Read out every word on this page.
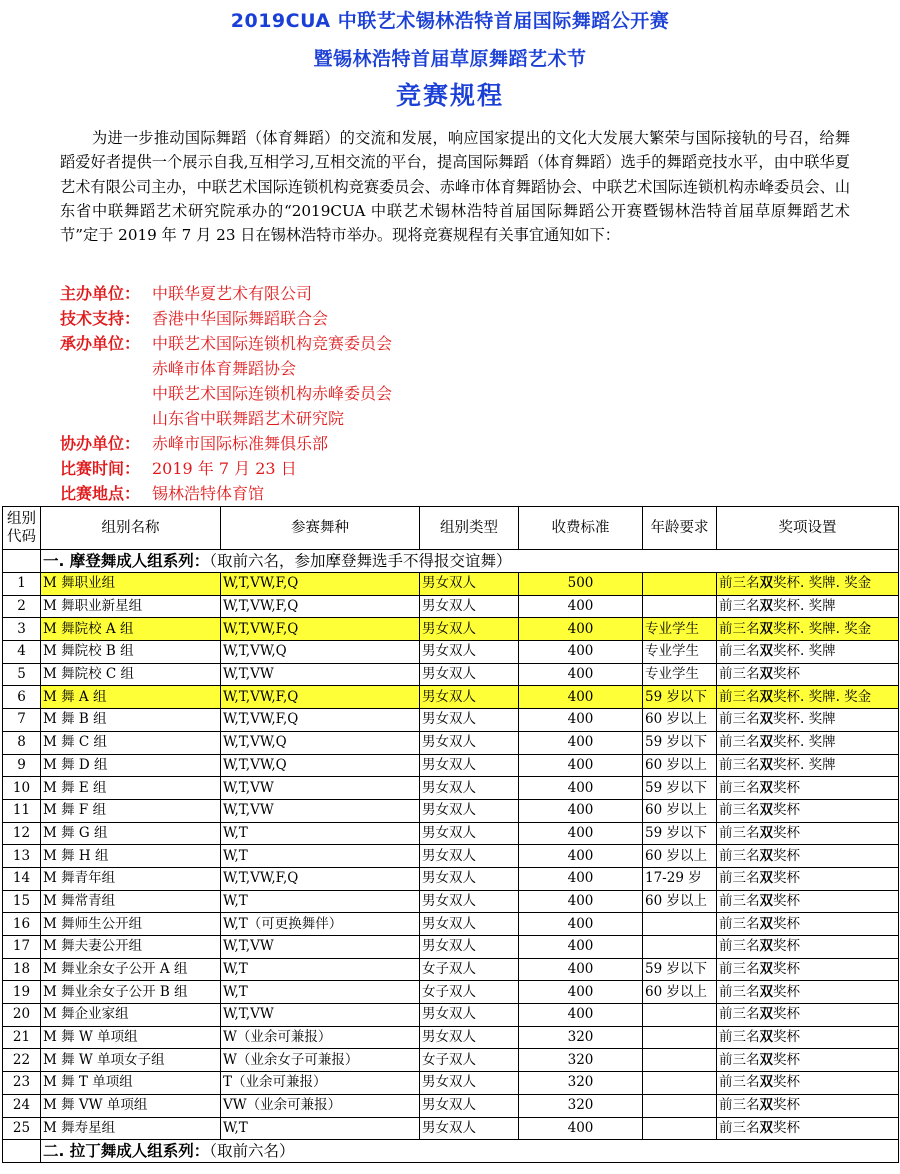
2019CUA 中联艺术锡林浩特首届国际舞蹈公开赛
暨锡林浩特首届草原舞蹈艺术节
竞赛规程

为进一步推动国际舞蹈（体育舞蹈）的交流和发展，响应国家提出的文化大发展大繁荣与国际接轨的号召，给舞蹈爱好者提供一个展示自我,互相学习,互相交流的平台，提高国际舞蹈（体育舞蹈）选手的舞蹈竞技水平，由中联华夏艺术有限公司主办，中联艺术国际连锁机构竞赛委员会、赤峰市体育舞蹈协会、中联艺术国际连锁机构赤峰委员会、山东省中联舞蹈艺术研究院承办的“2019CUA 中联艺术锡林浩特首届国际舞蹈公开赛暨锡林浩特首届草原舞蹈艺术节”定于 2019 年 7 月 23 日在锡林浩特市举办。现将竞赛规程有关事宜通知如下：

主办单位： 中联华夏艺术有限公司
技术支持： 香港中华国际舞蹈联合会
承办单位： 中联艺术国际连锁机构竞赛委员会
赤峰市体育舞蹈协会
中联艺术国际连锁机构赤峰委员会
山东省中联舞蹈艺术研究院
协办单位： 赤峰市国际标准舞俱乐部
比赛时间： 2019 年 7 月 23 日
比赛地点： 锡林浩特体育馆
组别代码	组别名称	参赛舞种	组别类型	收费标准	年龄要求	奖项设置
	一. 摩登舞成人组系列：（取前六名，参加摩登舞选手不得报交谊舞）					
1	M 舞职业组	W,T,VW,F,Q	男女双人	500		前三名双奖杯. 奖牌. 奖金
2	M 舞职业新星组	W,T,VW,F,Q	男女双人	400		前三名双奖杯. 奖牌
3	M 舞院校 A 组	W,T,VW,F,Q	男女双人	400	专业学生	前三名双奖杯. 奖牌. 奖金
4	M 舞院校 B 组	W,T,VW,Q	男女双人	400	专业学生	前三名双奖杯. 奖牌
5	M 舞院校 C 组	W,T,VW	男女双人	400	专业学生	前三名双奖杯
6	M 舞 A 组	W,T,VW,F,Q	男女双人	400	59 岁以下	前三名双奖杯. 奖牌. 奖金
7	M 舞 B 组	W,T,VW,F,Q	男女双人	400	60 岁以上	前三名双奖杯. 奖牌
8	M 舞 C 组	W,T,VW,Q	男女双人	400	59 岁以下	前三名双奖杯. 奖牌
9	M 舞 D 组	W,T,VW,Q	男女双人	400	60 岁以上	前三名双奖杯. 奖牌
10	M 舞 E 组	W,T,VW	男女双人	400	59 岁以下	前三名双奖杯
11	M 舞 F 组	W,T,VW	男女双人	400	60 岁以上	前三名双奖杯
12	M 舞 G 组	W,T	男女双人	400	59 岁以下	前三名双奖杯
13	M 舞 H 组	W,T	男女双人	400	60 岁以上	前三名双奖杯
14	M 舞青年组	W,T,VW,F,Q	男女双人	400	17-29 岁	前三名双奖杯
15	M 舞常青组	W,T	男女双人	400	60 岁以上	前三名双奖杯
16	M 舞师生公开组	W,T（可更换舞伴）	男女双人	400		前三名双奖杯
17	M 舞夫妻公开组	W,T,VW	男女双人	400		前三名双奖杯
18	M 舞业余女子公开 A 组	W,T	女子双人	400	59 岁以下	前三名双奖杯
19	M 舞业余女子公开 B 组	W,T	女子双人	400	60 岁以上	前三名双奖杯
20	M 舞企业家组	W,T,VW	男女双人	400		前三名双奖杯
21	M 舞 W 单项组	W（业余可兼报）	男女双人	320		前三名双奖杯
22	M 舞 W 单项女子组	W（业余女子可兼报）	女子双人	320		前三名双奖杯
23	M 舞 T 单项组	T（业余可兼报）	男女双人	320		前三名双奖杯
24	M 舞 VW 单项组	VW（业余可兼报）	男女双人	320		前三名双奖杯
25	M 舞寿星组	W,T	男女双人	400		前三名双奖杯
	二. 拉丁舞成人组系列：（取前六名）					
